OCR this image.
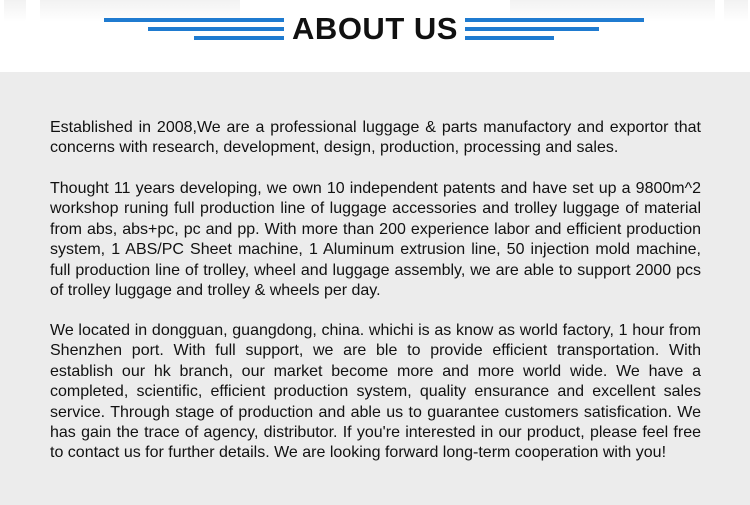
ABOUT US

Established in 2008,We are a professional luggage & parts manufactory and exportor that concerns with research, development, design, production, processing and sales.

Thought 11 years developing, we own 10 independent patents and have set up a 9800m^2 workshop runing full production line of luggage accessories and trolley luggage of material from abs, abs+pc, pc and pp. With more than 200 experience labor and efficient production system, 1 ABS/PC Sheet machine, 1 Aluminum extrusion line, 50 injection mold machine, full production line of trolley, wheel and luggage assembly, we are able to support 2000 pcs of trolley luggage and trolley & wheels per day.

We located in dongguan, guangdong, china. whichi is as know as world factory, 1 hour from Shenzhen port. With full support, we are ble to provide efficient transportation. With establish our hk branch, our market become more and more world wide. We have a completed, scientific, efficient production system, quality ensurance and excellent sales service. Through stage of production and able us to guarantee customers satisfication. We has gain the trace of agency, distributor. If you're interested in our product, please feel free to contact us for further details. We are looking forward long-term cooperation with you!
